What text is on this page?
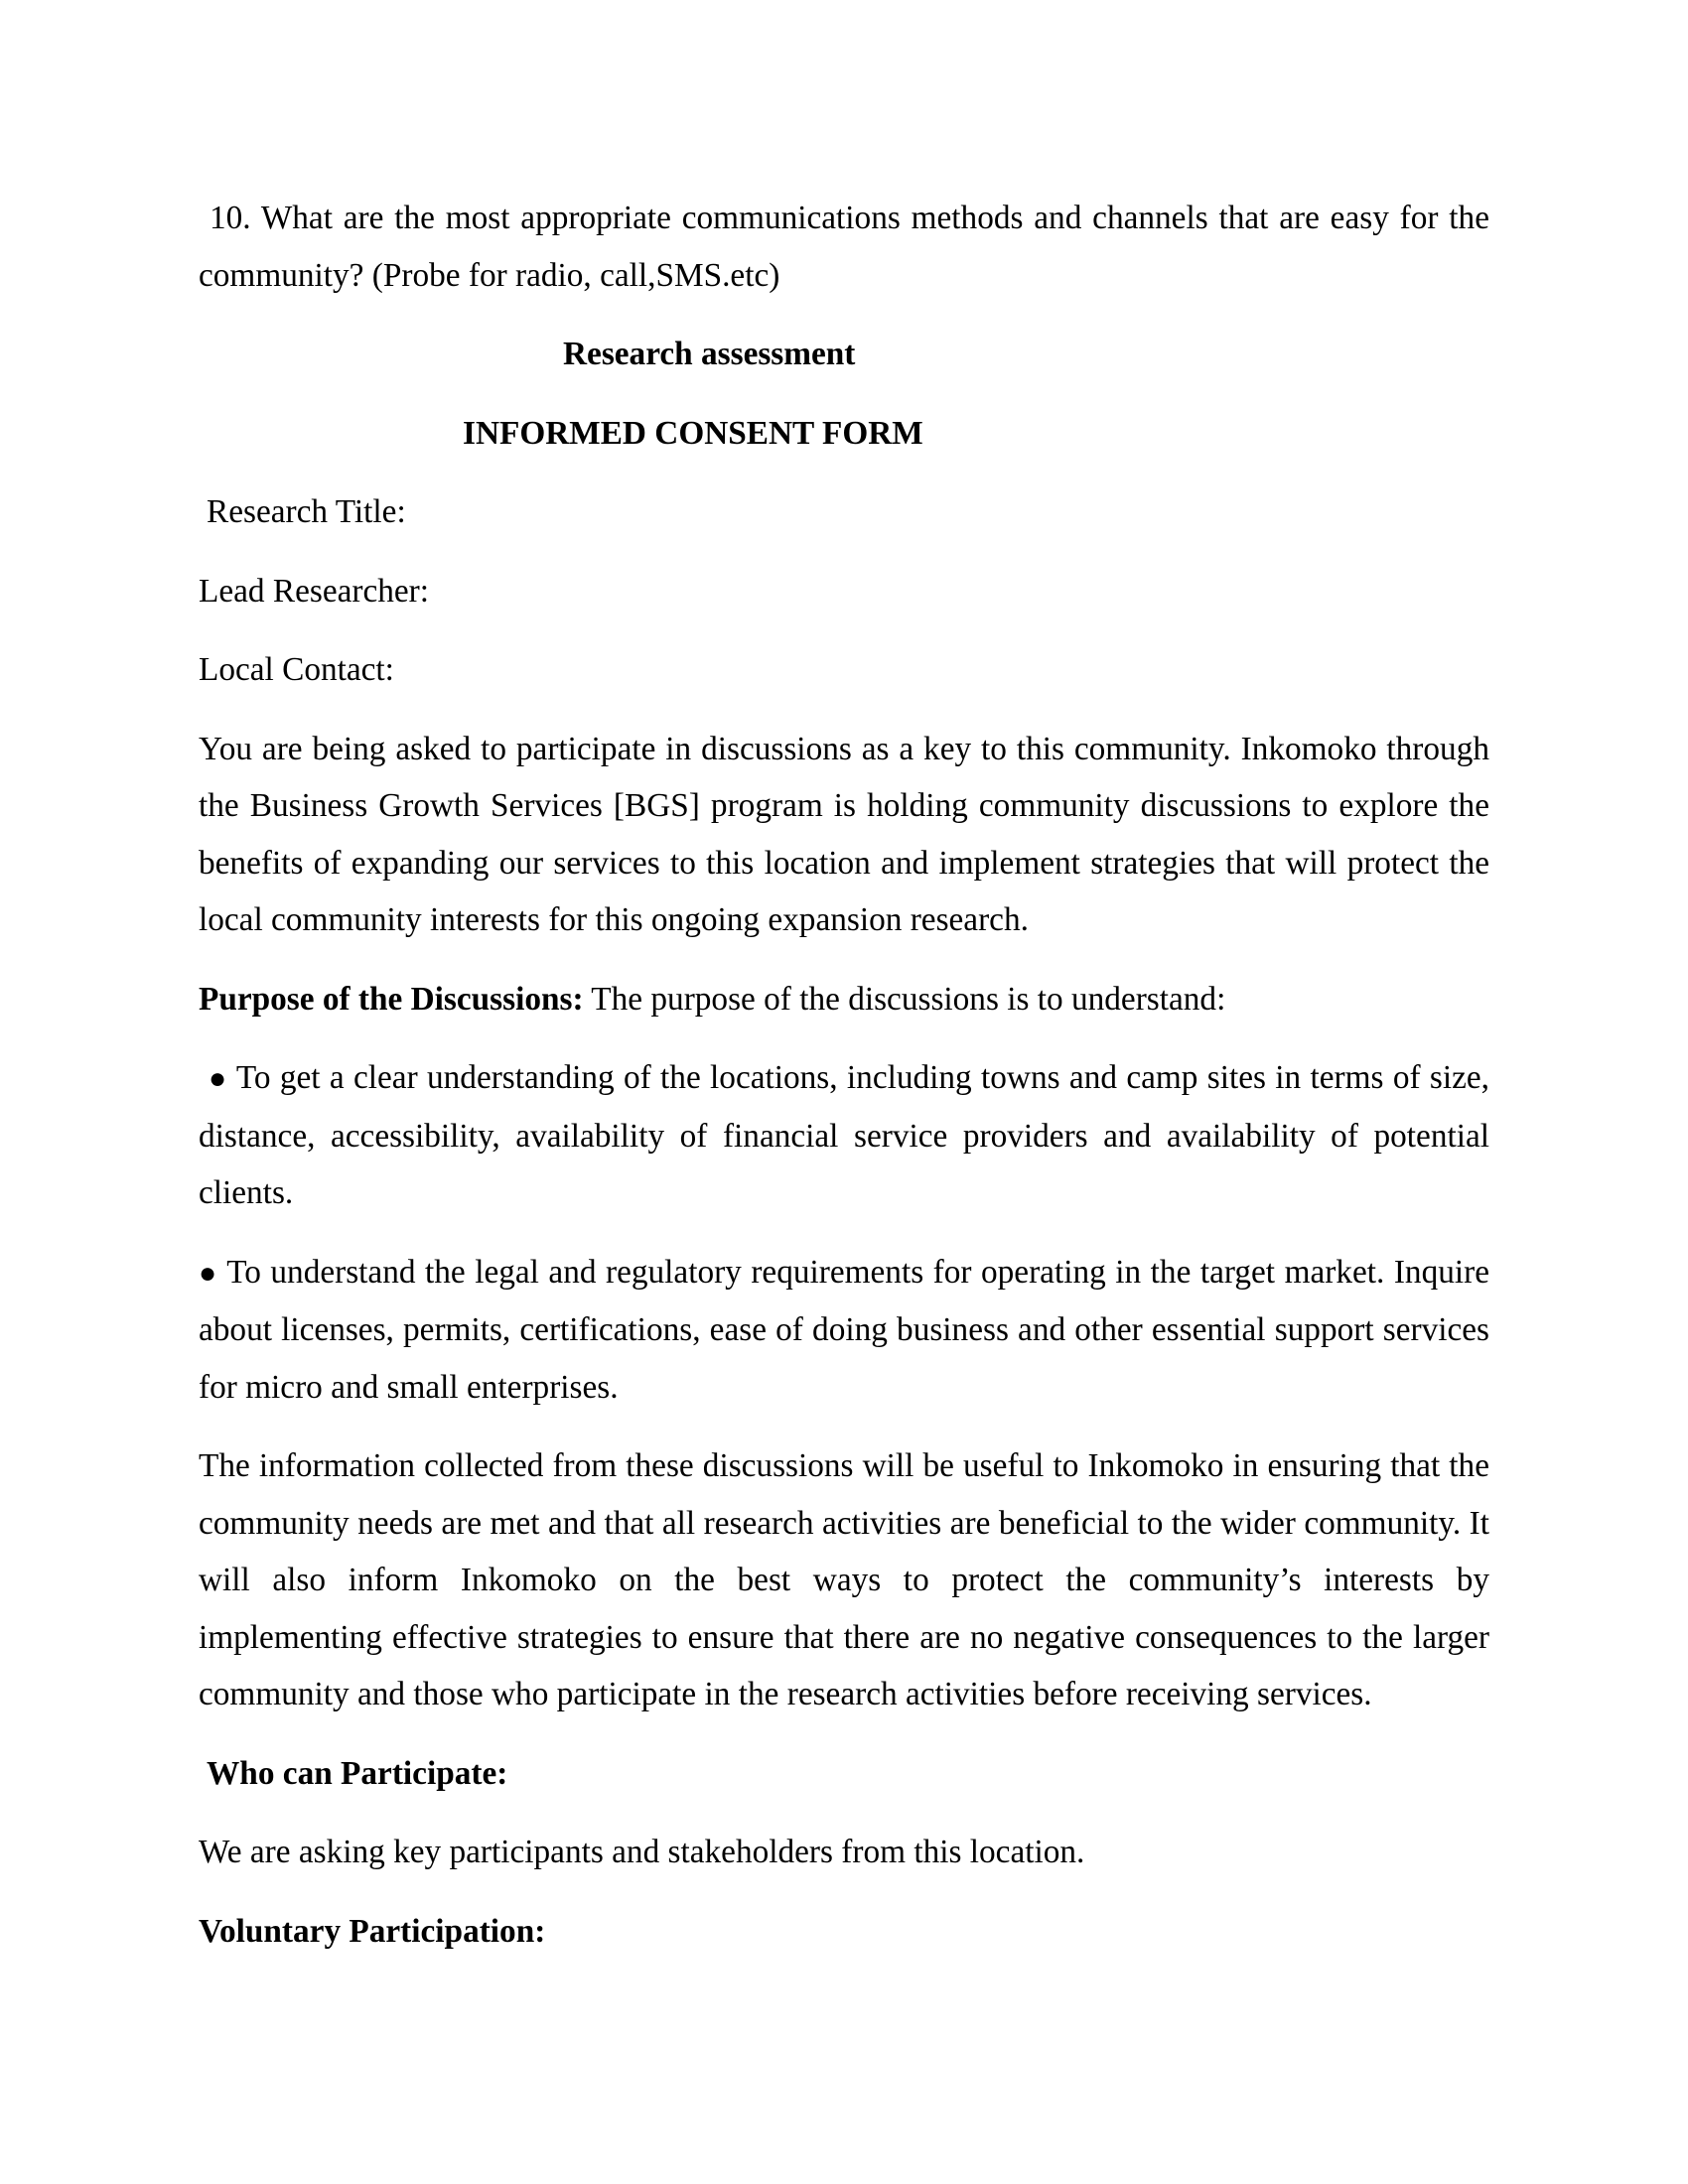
10. What are the most appropriate communications methods and channels that are easy for the community? (Probe for radio, call,SMS.etc)

Research assessment

INFORMED CONSENT FORM

Research Title:

Lead Researcher:

Local Contact:

You are being asked to participate in discussions as a key to this community. Inkomoko through the Business Growth Services [BGS] program is holding community discussions to explore the benefits of expanding our services to this location and implement strategies that will protect the local community interests for this ongoing expansion research.

Purpose of the Discussions: The purpose of the discussions is to understand:

● To get a clear understanding of the locations, including towns and camp sites in terms of size, distance, accessibility, availability of financial service providers and availability of potential clients.

● To understand the legal and regulatory requirements for operating in the target market. Inquire about licenses, permits, certifications, ease of doing business and other essential support services for micro and small enterprises.

The information collected from these discussions will be useful to Inkomoko in ensuring that the community needs are met and that all research activities are beneficial to the wider community. It will also inform Inkomoko on the best ways to protect the community’s interests by implementing effective strategies to ensure that there are no negative consequences to the larger community and those who participate in the research activities before receiving services.

Who can Participate:

We are asking key participants and stakeholders from this location.

Voluntary Participation:
